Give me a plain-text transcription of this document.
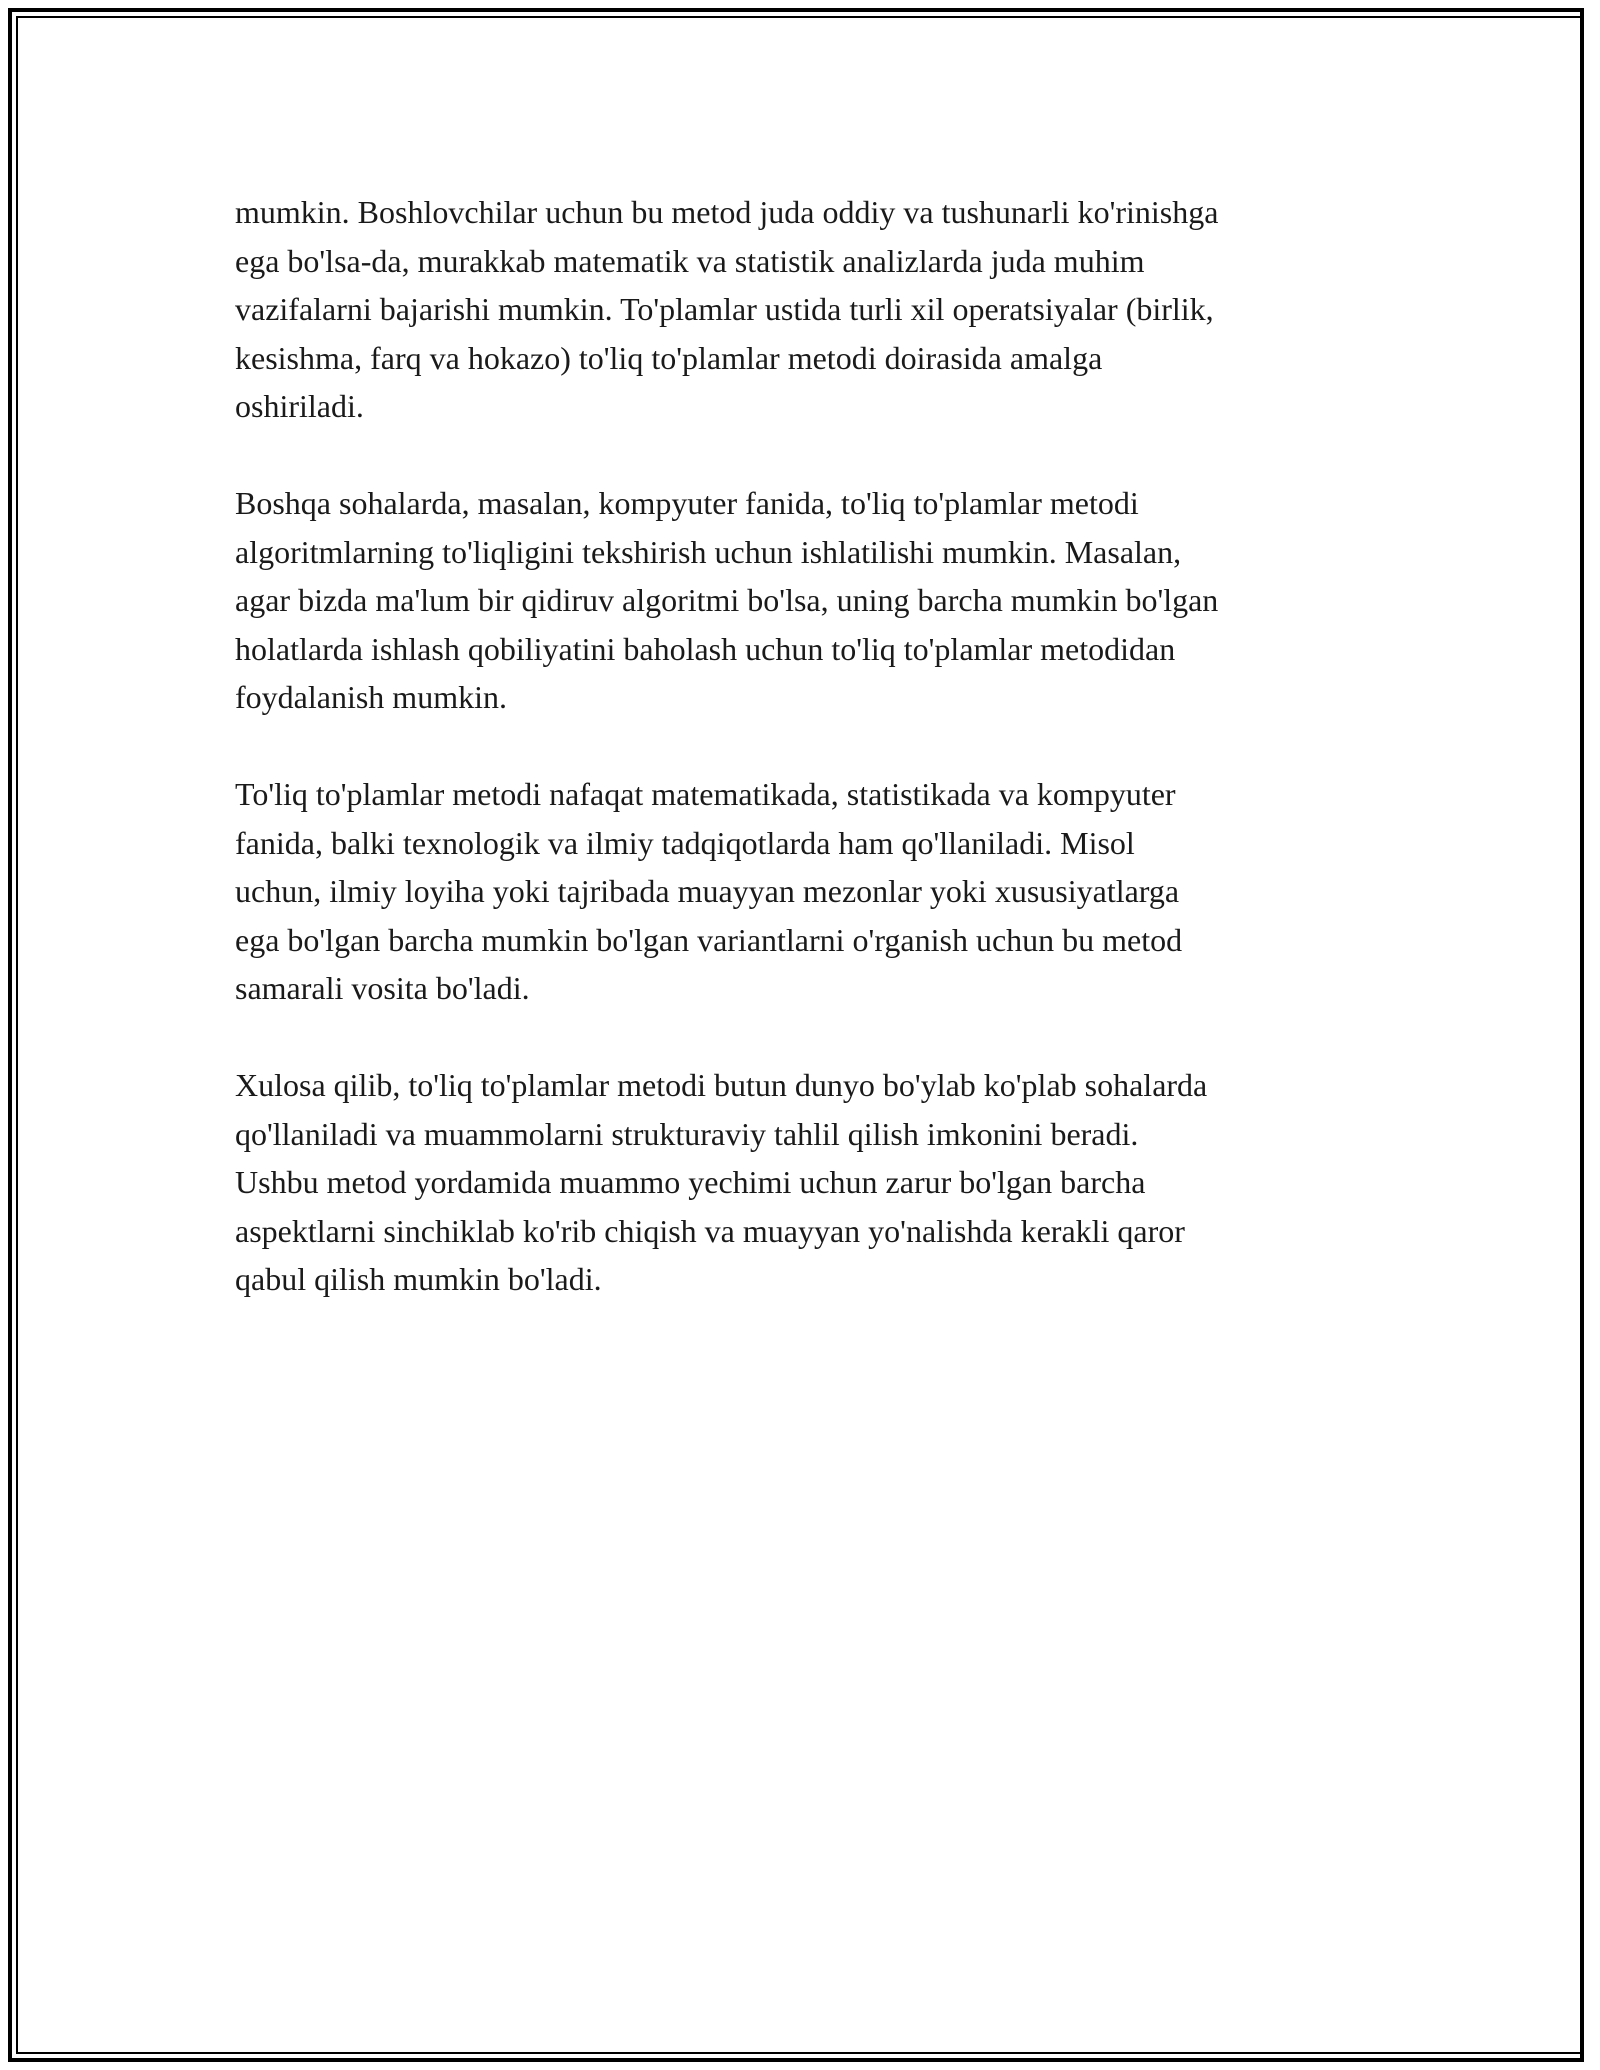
mumkin. Boshlovchilar uchun bu metod juda oddiy va tushunarli ko'rinishga
ega bo'lsa-da, murakkab matematik va statistik analizlarda juda muhim
vazifalarni bajarishi mumkin. To'plamlar ustida turli xil operatsiyalar (birlik,
kesishma, farq va hokazo) to'liq to'plamlar metodi doirasida amalga
oshiriladi.

Boshqa sohalarda, masalan, kompyuter fanida, to'liq to'plamlar metodi
algoritmlarning to'liqligini tekshirish uchun ishlatilishi mumkin. Masalan,
agar bizda ma'lum bir qidiruv algoritmi bo'lsa, uning barcha mumkin bo'lgan
holatlarda ishlash qobiliyatini baholash uchun to'liq to'plamlar metodidan
foydalanish mumkin.

To'liq to'plamlar metodi nafaqat matematikada, statistikada va kompyuter
fanida, balki texnologik va ilmiy tadqiqotlarda ham qo'llaniladi. Misol
uchun, ilmiy loyiha yoki tajribada muayyan mezonlar yoki xususiyatlarga
ega bo'lgan barcha mumkin bo'lgan variantlarni o'rganish uchun bu metod
samarali vosita bo'ladi.

Xulosa qilib, to'liq to'plamlar metodi butun dunyo bo'ylab ko'plab sohalarda
qo'llaniladi va muammolarni strukturaviy tahlil qilish imkonini beradi.
Ushbu metod yordamida muammo yechimi uchun zarur bo'lgan barcha
aspektlarni sinchiklab ko'rib chiqish va muayyan yo'nalishda kerakli qaror
qabul qilish mumkin bo'ladi.
